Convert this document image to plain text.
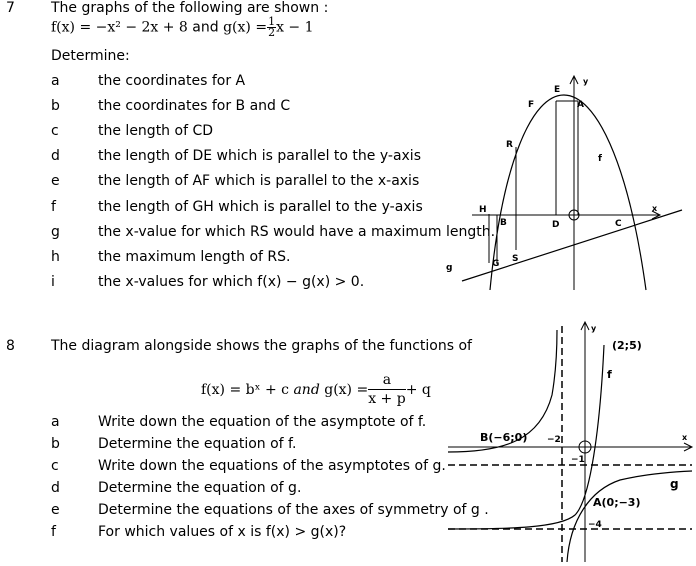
7	The graphs of the following are shown :
f(x) = −x² − 2x + 8 and $g(x) = \frac{1}{2}$ x − 1
Determine:
a	the coordinates for A
b	the coordinates for B and C
c	the length of CD
d	the length of DE which is parallel to the y-axis
e	the length of AF which is parallel to the x-axis
f	the length of GH which is parallel to the y-axis
g	the x-value for which RS would have a maximum length.
h	the maximum length of RS.
i	the x-values for which f(x) − g(x) > 0.
E
y
F	A
R
f
H
B	D	C
x
g	G S
8	The diagram alongside shows the graphs of the functions of
f(x) = bˣ + c and $g(x) = \frac{a}{x + p}+ q$
a	Write down the equation of the asymptote of f.
b	Determine the equation of f.
c	Write down the equations of the asymptotes of g.
d	Determine the equation of g.
e	Determine the equations of the axes of symmetry of g .
f	For which values of x is f(x) > g(x)?
y
(2;5)
f
B(−6;0) −2	x
−1
g
A(0;−3)
−4
